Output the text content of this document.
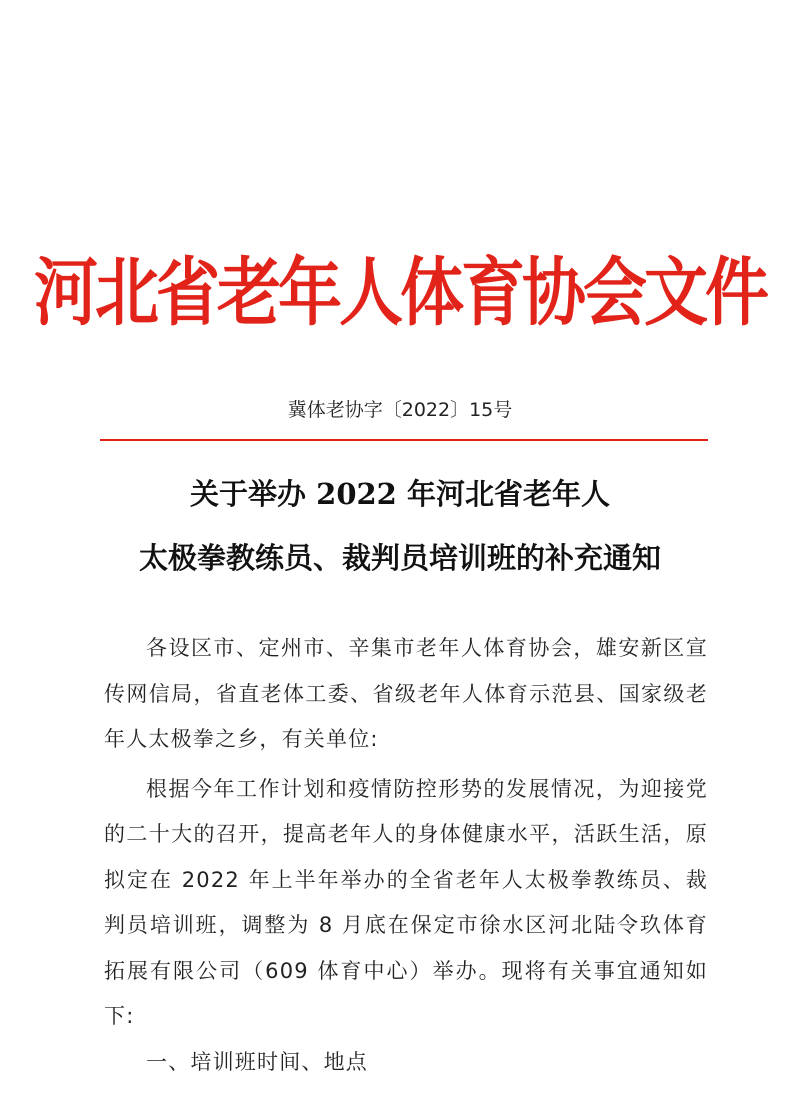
河北省老年人体育协会文件
冀体老协字〔2022〕15号
关于举办 2022 年河北省老年人
太极拳教练员、裁判员培训班的补充通知

各设区市、定州市、辛集市老年人体育协会，雄安新区宣传网信局，省直老体工委、省级老年人体育示范县、国家级老年人太极拳之乡，有关单位:

根据今年工作计划和疫情防控形势的发展情况，为迎接党的二十大的召开，提高老年人的身体健康水平，活跃生活，原拟定在 2022 年上半年举办的全省老年人太极拳教练员、裁判员培训班，调整为 8 月底在保定市徐水区河北陆令玖体育拓展有限公司（609 体育中心）举办。现将有关事宜通知如下:

一、培训班时间、地点
